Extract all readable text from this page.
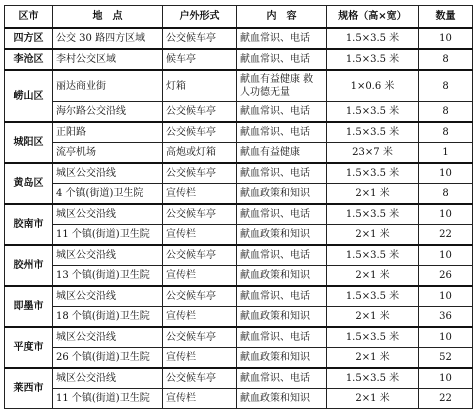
区市	地　点	户外形式	内　容	规格（高×宽）	数量
四方区	公交 30 路四方区域	公交候车亭	献血常识、电话	1.5×3.5 米	10
李沧区	李村公交区域	候车亭	献血常识、电话	1.5×3.5 米	8
崂山区	丽达商业街	灯箱	献血有益健康 救人功德无量	1×0.6 米	8
	海尔路公交沿线	公交候车亭	献血常识、电话	1.5×3.5 米	8
城阳区	正阳路	公交候车亭	献血常识、电话	1.5×3.5 米	8
	流亭机场	高炮或灯箱	献血有益健康	23×7 米	1
黄岛区	城区公交沿线	公交候车亭	献血常识、电话	1.5×3.5 米	10
	4 个镇(街道)卫生院	宣传栏	献血政策和知识	2×1 米	8
胶南市	城区公交沿线	公交候车亭	献血常识、电话	1.5×3.5 米	10
	11 个镇(街道)卫生院	宣传栏	献血政策和知识	2×1 米	22
胶州市	城区公交沿线	公交候车亭	献血常识、电话	1.5×3.5 米	10
	13 个镇(街道)卫生院	宣传栏	献血政策和知识	2×1 米	26
即墨市	城区公交沿线	公交候车亭	献血常识、电话	1.5×3.5 米	10
	18 个镇(街道)卫生院	宣传栏	献血政策和知识	2×1 米	36
平度市	城区公交沿线	公交候车亭	献血常识、电话	1.5×3.5 米	10
	26 个镇(街道)卫生院	宣传栏	献血政策和知识	2×1 米	52
莱西市	城区公交沿线	公交候车亭	献血常识、电话	1.5×3.5 米	10
	11 个镇(街道)卫生院	宣传栏	献血政策和知识	2×1 米	22
